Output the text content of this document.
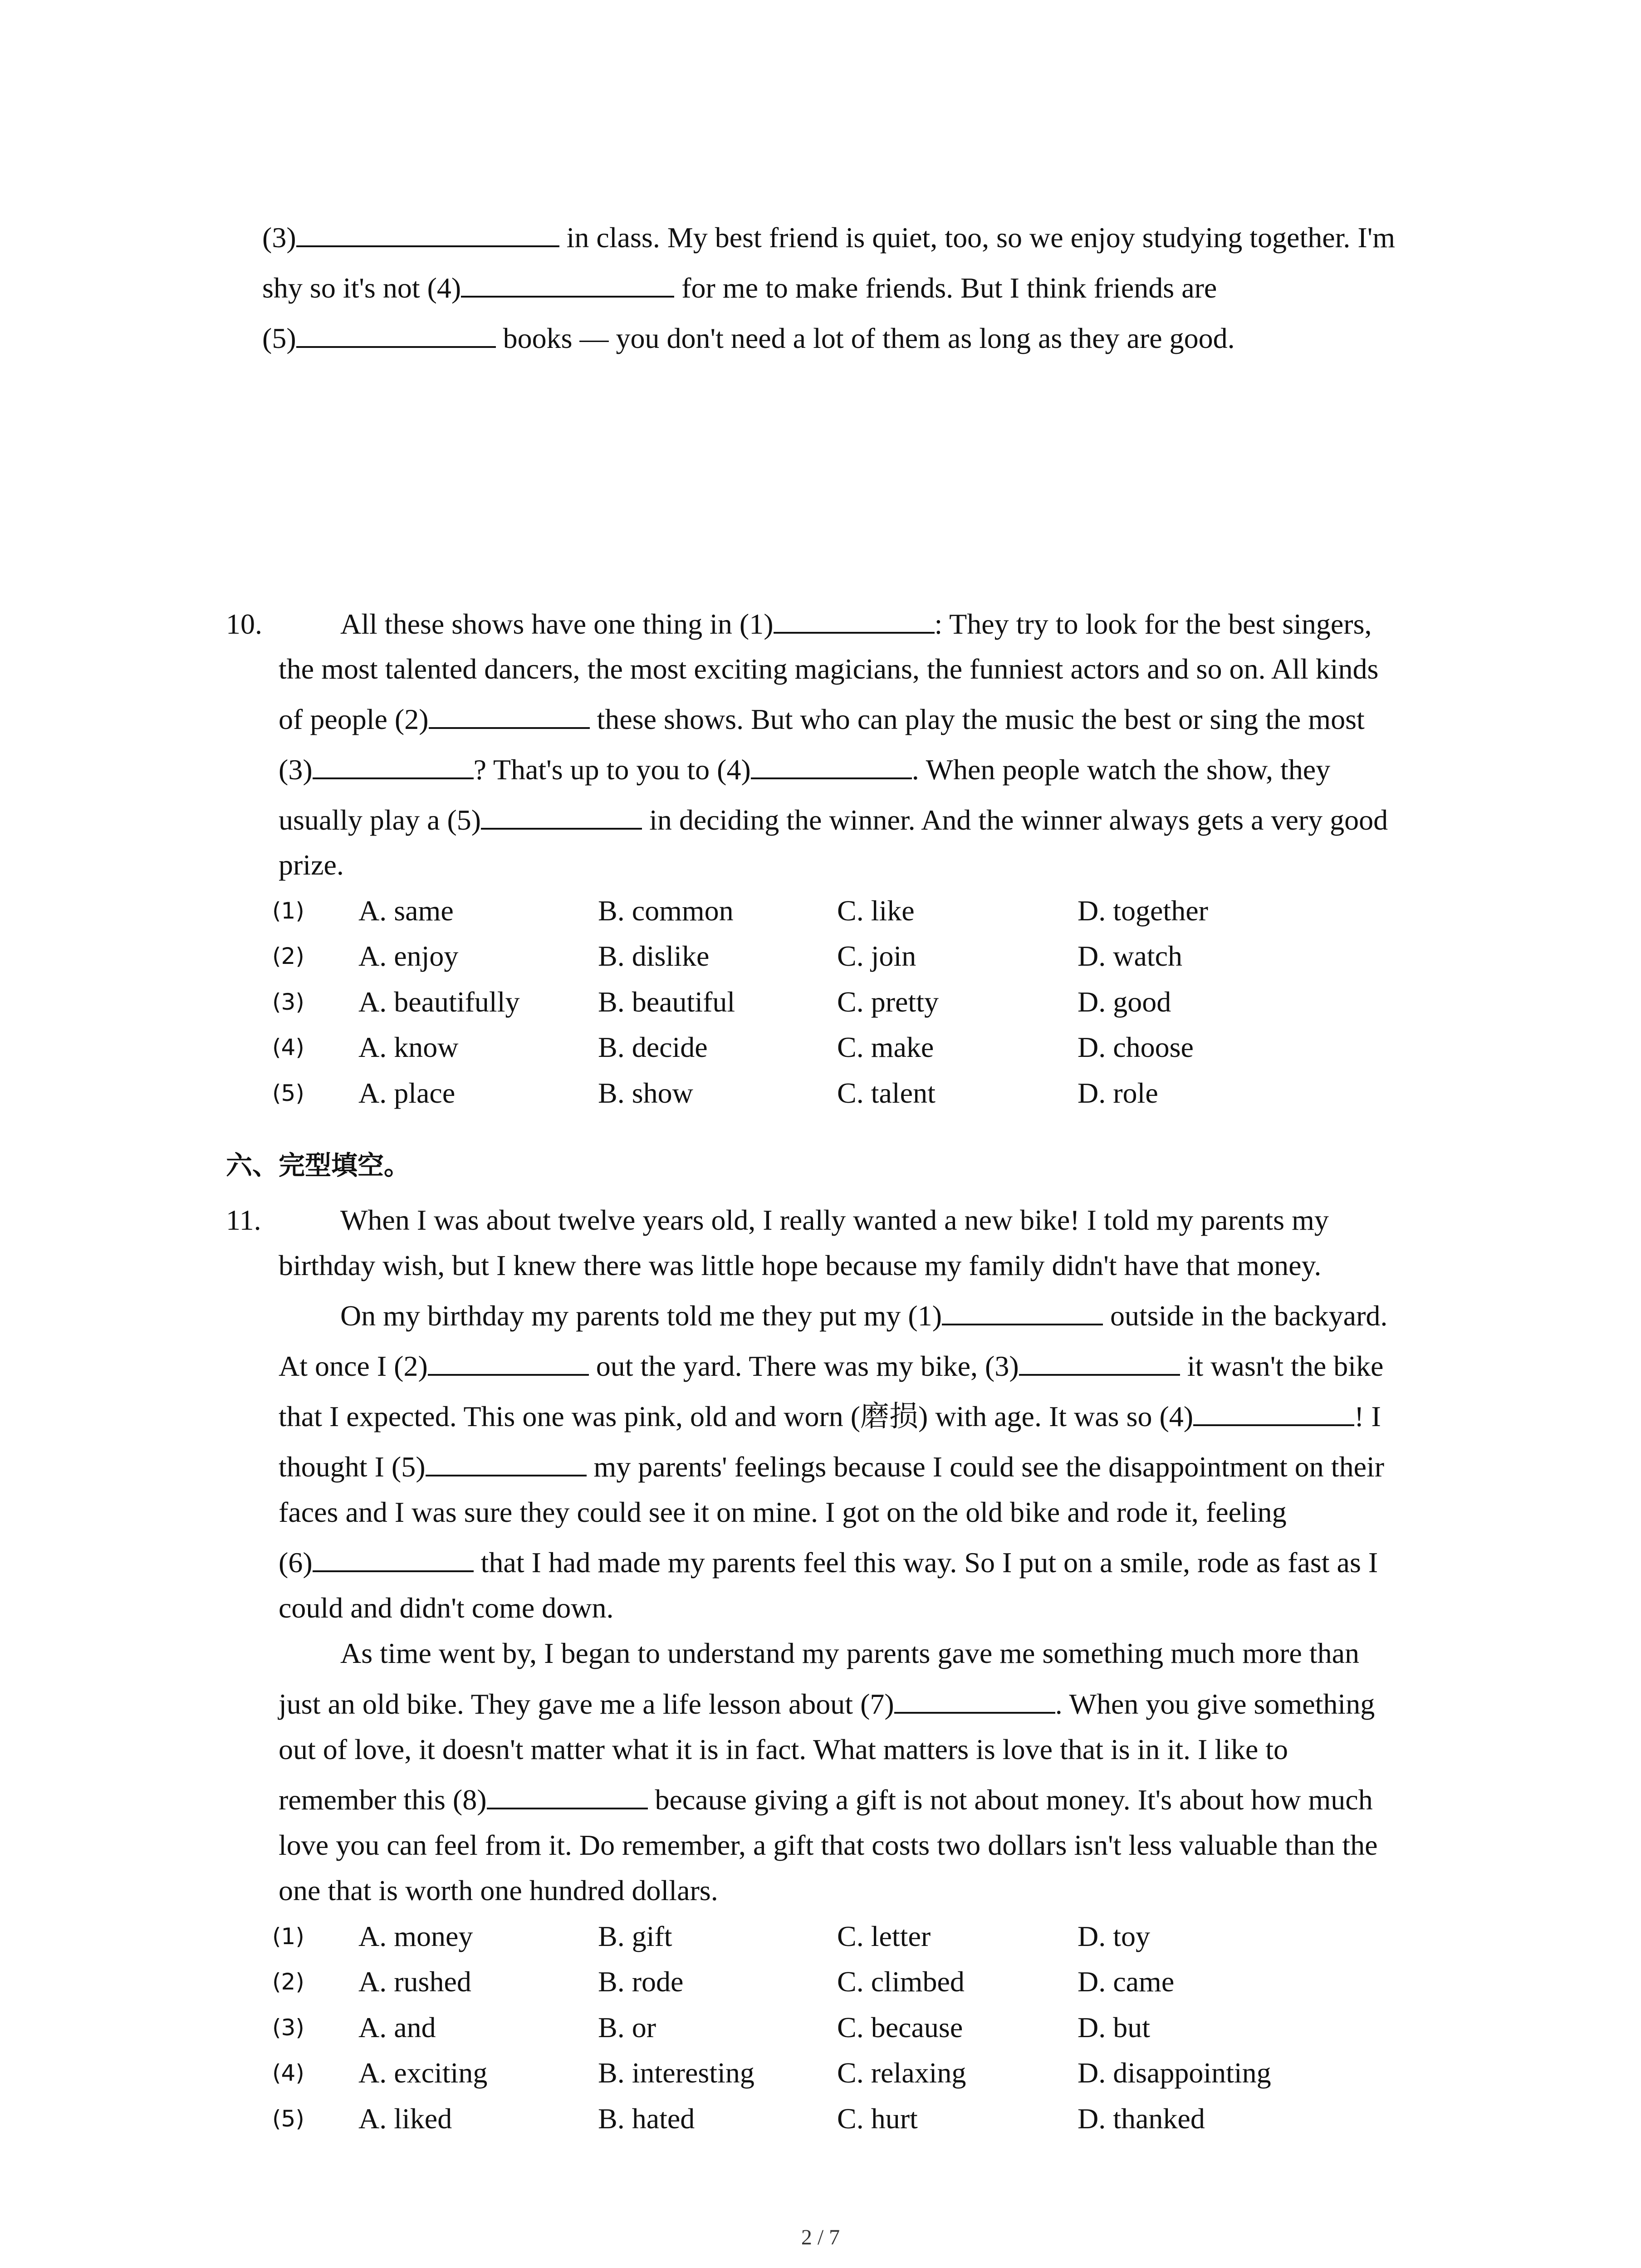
(3)	in class. My best friend is quiet, too, so we enjoy studying together. I'm
shy so it's not (4)	for me to make friends. But I think friends are
(5)	books — you don't need a lot of them as long as they are good.
10.	All these shows have one thing in (1)	: They try to look for the best singers,
the most talented dancers, the most exciting magicians, the funniest actors and so on. All kinds
of people (2)	these shows. But who can play the music the best or sing the most
(3)	? That's up to you to (4)	. When people watch the show, they
usually play a (5)	in deciding the winner. And the winner always gets a very good
prize.
(1) A. same	B. common	C. like	D. together
(2) A. enjoy	B. dislike	C. join	D. watch
(3) A. beautifully	B. beautiful	C. pretty	D. good
(4) A. know	B. decide	C. make	D. choose
(5) A. place	B. show	C. talent	D. role
六、完型填空。
11.	When I was about twelve years old, I really wanted a new bike! I told my parents my
birthday wish, but I knew there was little hope because my family didn't have that money.
On my birthday my parents told me they put my (1)	outside in the backyard.
At once I (2)	out the yard. There was my bike, (3)	it wasn't the bike
that I expected. This one was pink, old and worn (磨损) with age. It was so (4)	! I
thought I (5)	my parents' feelings because I could see the disappointment on their
faces and I was sure they could see it on mine. I got on the old bike and rode it, feeling
(6)	that I had made my parents feel this way. So I put on a smile, rode as fast as I
could and didn't come down.
As time went by, I began to understand my parents gave me something much more than
just an old bike. They gave me a life lesson about (7)	. When you give something
out of love, it doesn't matter what it is in fact. What matters is love that is in it. I like to
remember this (8)	because giving a gift is not about money. It's about how much
love you can feel from it. Do remember, a gift that costs two dollars isn't less valuable than the
one that is worth one hundred dollars.
(1) A. money	B. gift	C. letter	D. toy
(2) A. rushed	B. rode	C. climbed	D. came
(3) A. and	B. or	C. because	D. but
(4) A. exciting	B. interesting	C. relaxing	D. disappointing
(5) A. liked	B. hated	C. hurt	D. thanked
2 / 7
